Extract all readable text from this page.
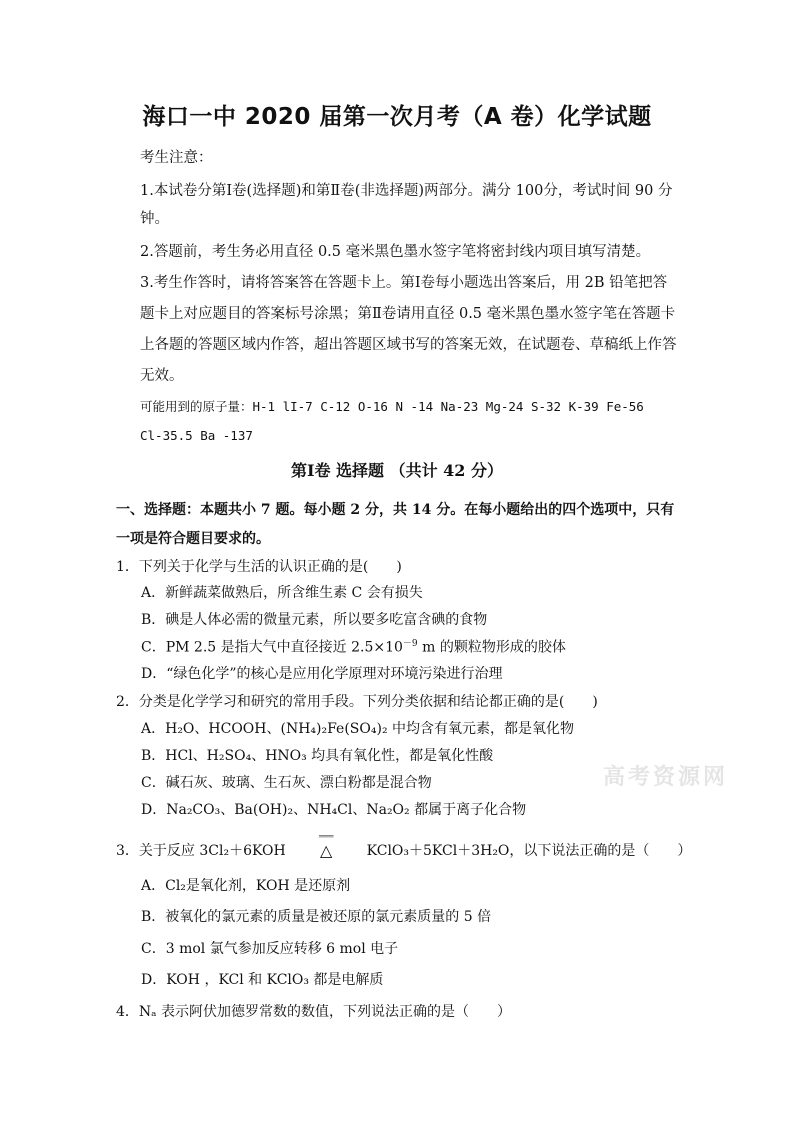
海口一中 2020 届第一次月考（A 卷）化学试题
考生注意：
1.本试卷分第Ⅰ卷(选择题)和第Ⅱ卷(非选择题)两部分。满分 100分，考试时间 90 分
钟。
2.答题前，考生务必用直径 0.5 毫米黑色墨水签字笔将密封线内项目填写清楚。
3.考生作答时，请将答案答在答题卡上。第Ⅰ卷每小题选出答案后，用 2B 铅笔把答
题卡上对应题目的答案标号涂黑；第Ⅱ卷请用直径 0.5 毫米黑色墨水签字笔在答题卡
上各题的答题区域内作答，超出答题区域书写的答案无效，在试题卷、草稿纸上作答
无效。
可能用到的原子量：H-1 lI-7 C-12 O-16 N -14 Na-23 Mg-24 S-32 K-39 Fe-56
Cl-35.5 Ba -137
第Ⅰ卷 选择题 （共计 42 分）
一、选择题：本题共小 7 题。每小题 2 分，共 14 分。在每小题给出的四个选项中，只有
一项是符合题目要求的。
1．下列关于化学与生活的认识正确的是(　　)
A．新鲜蔬菜做熟后，所含维生素 C 会有损失
B．碘是人体必需的微量元素，所以要多吃富含碘的食物
C．PM 2.5 是指大气中直径接近 $2.5\times 10^{-9}$ m 的颗粒物形成的胶体
D．“绿色化学”的核心是应用化学原理对环境污染进行治理
2．分类是化学学习和研究的常用手段。下列分类依据和结论都正确的是(　　)
A．H₂O、HCOOH、(NH₄)₂Fe(SO₄)₂ 中均含有氧元素，都是氧化物
B．HCl、H₂SO₄、HNO₃ 均具有氧化性，都是氧化性酸
C．碱石灰、玻璃、生石灰、漂白粉都是混合物
D．Na₂CO₃、Ba(OH)₂、NH₄Cl、Na₂O₂ 都属于离子化合物
高考资源网
3．关于反应 3Cl₂＋6KOH
═══
△ KClO₃＋5KCl＋3H₂O，以下说法正确的是（　　）
A．Cl₂是氧化剂，KOH 是还原剂
B．被氧化的氯元素的质量是被还原的氯元素质量的 5 倍
C．3 mol 氯气参加反应转移 6 mol 电子
D．KOH ，KCl 和 KClO₃ 都是电解质
4．Nₐ 表示阿伏加德罗常数的数值，下列说法正确的是（　　）
